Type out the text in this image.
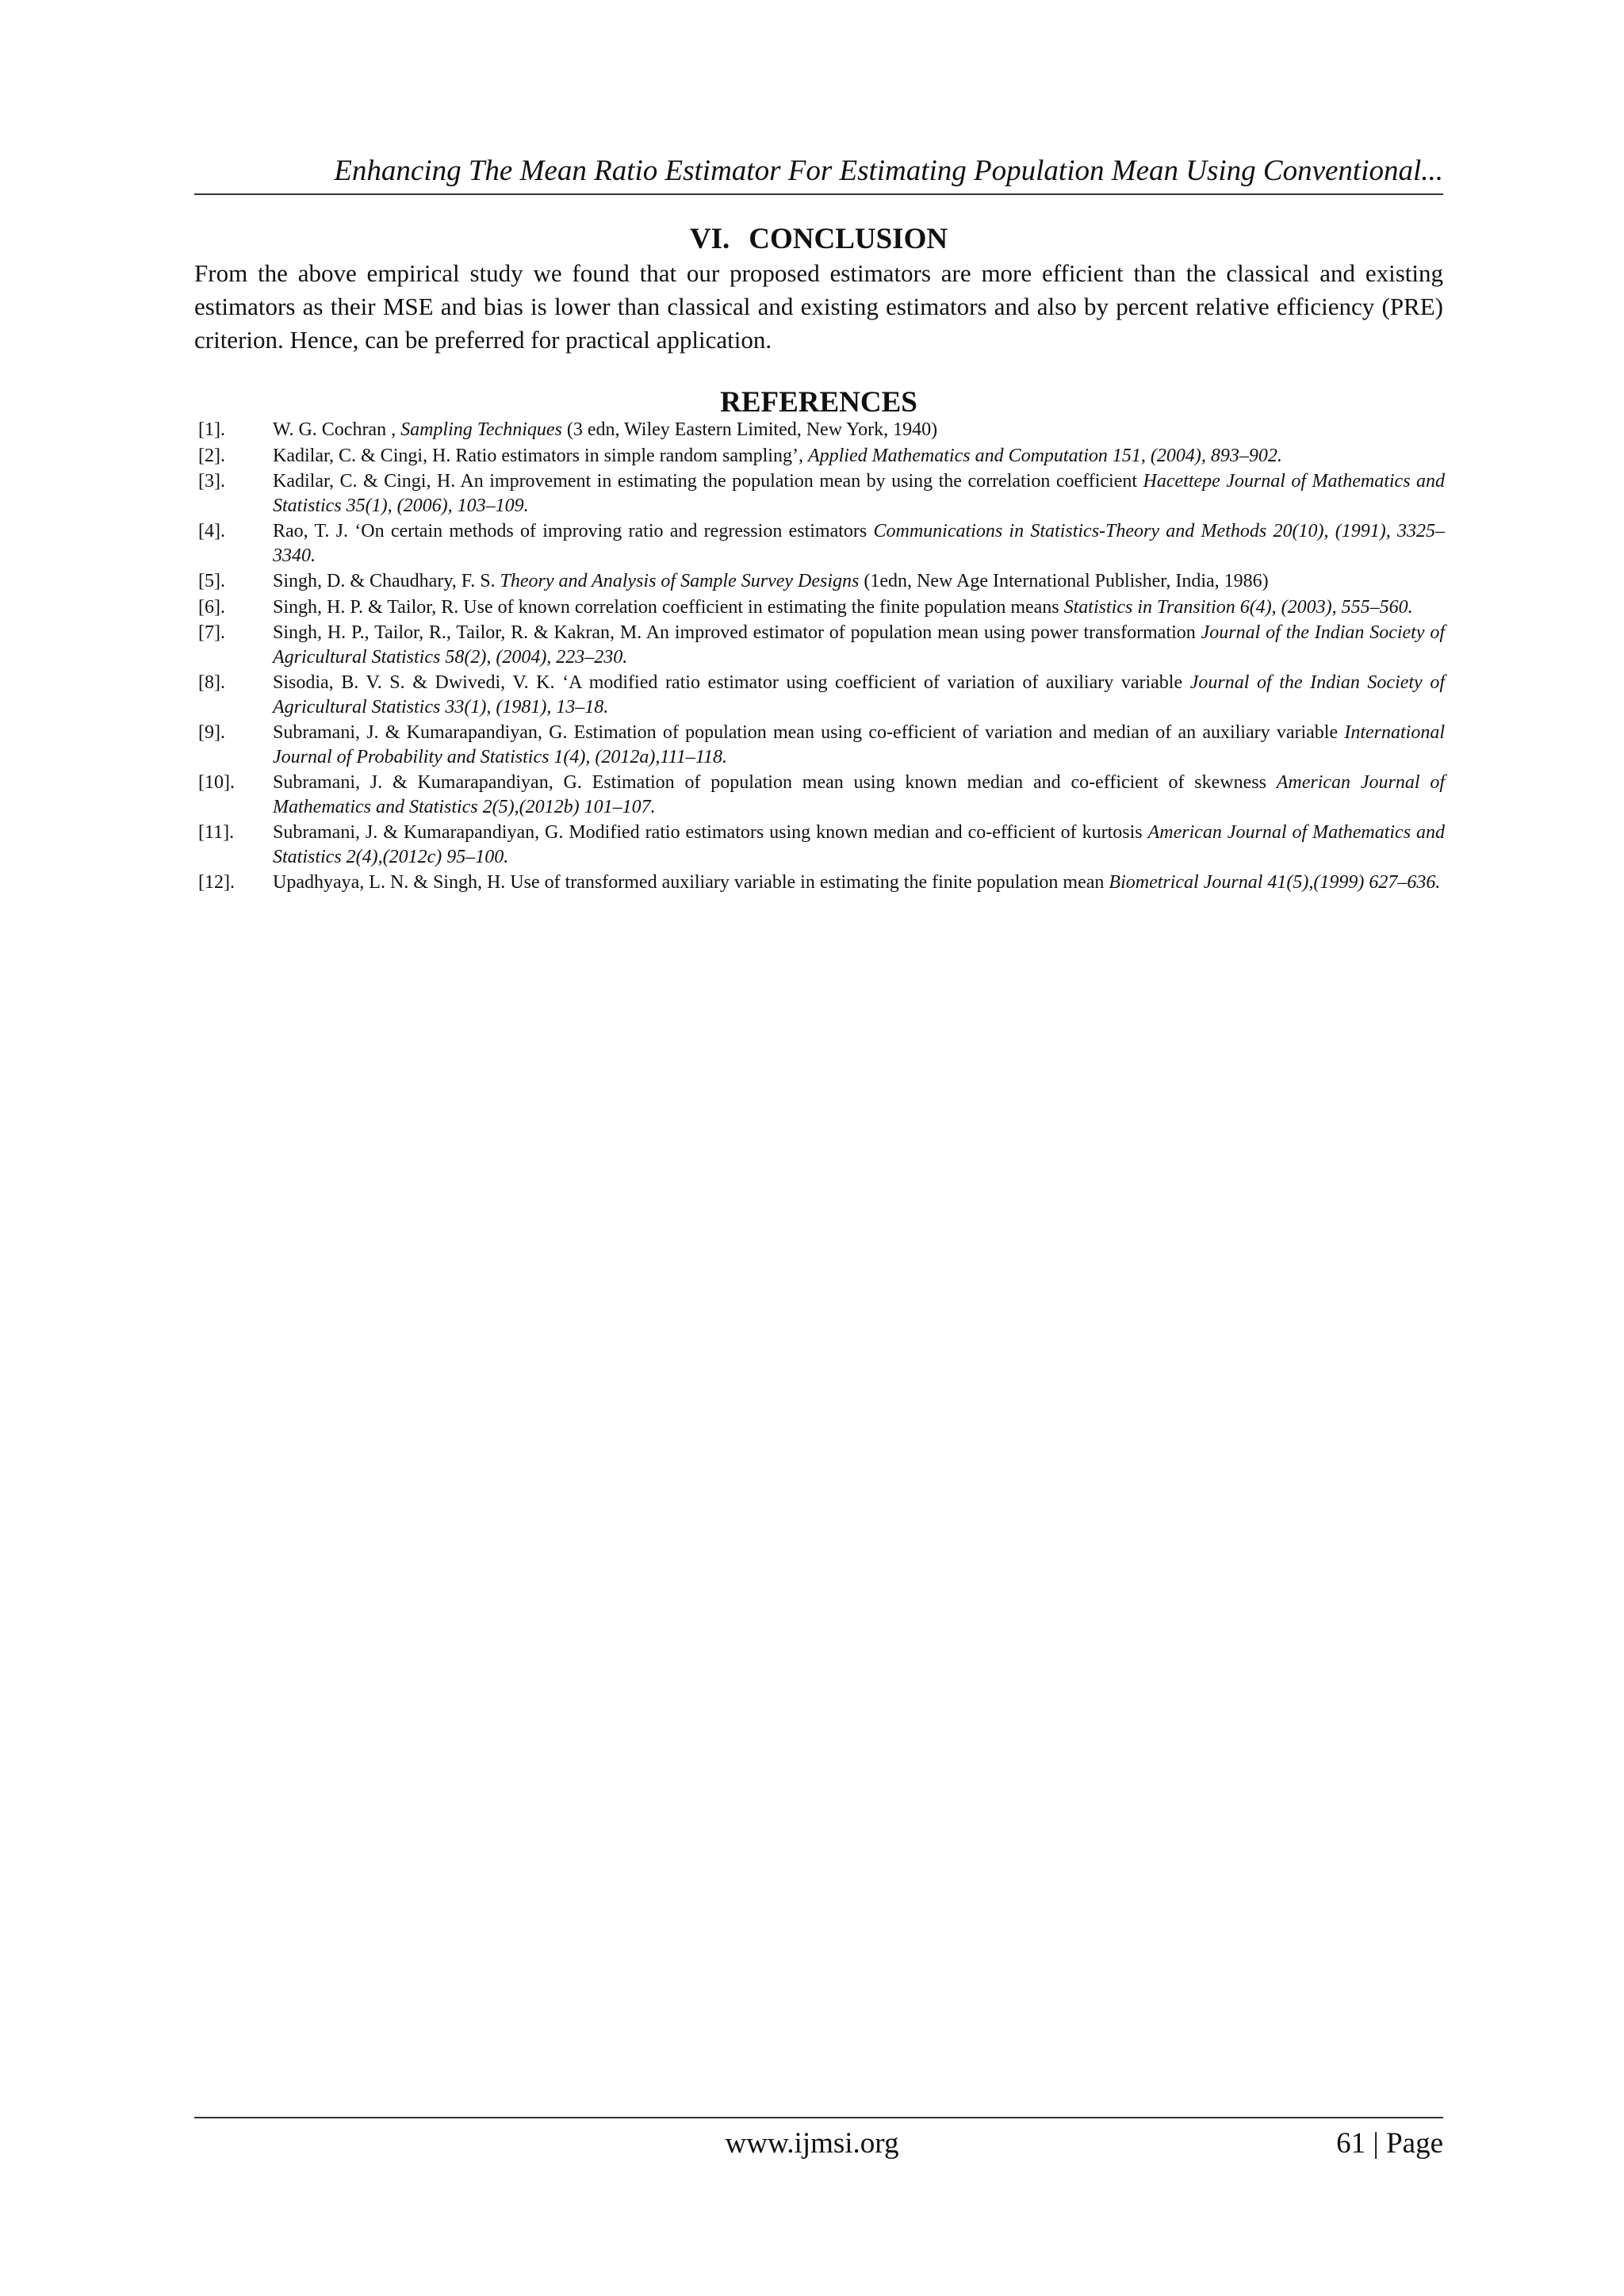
Enhancing The Mean Ratio Estimator For Estimating Population Mean Using Conventional...
VI. CONCLUSION

From the above empirical study we found that our proposed estimators are more efficient than the classical and existing estimators as their MSE and bias is lower than classical and existing estimators and also by percent relative efficiency (PRE) criterion. Hence, can be preferred for practical application.

REFERENCES
[1].	W. G. Cochran , Sampling Techniques (3 edn, Wiley Eastern Limited, New York, 1940)
[2].	Kadilar, C. & Cingi, H. Ratio estimators in simple random sampling’, Applied Mathematics and Computation 151, (2004), 893–902.
[3].	Kadilar, C. & Cingi, H. An improvement in estimating the population mean by using the correlation coefficient Hacettepe Journal of Mathematics and Statistics 35(1), (2006), 103–109.
[4].	Rao, T. J. ‘On certain methods of improving ratio and regression estimators Communications in Statistics-Theory and Methods 20(10), (1991), 3325–3340.
[5].	Singh, D. & Chaudhary, F. S. Theory and Analysis of Sample Survey Designs (1edn, New Age International Publisher, India, 1986)
[6].	Singh, H. P. & Tailor, R. Use of known correlation coefficient in estimating the finite population means Statistics in Transition 6(4), (2003), 555–560.
[7].	Singh, H. P., Tailor, R., Tailor, R. & Kakran, M. An improved estimator of population mean using power transformation Journal of the Indian Society of Agricultural Statistics 58(2), (2004), 223–230.
[8].	Sisodia, B. V. S. & Dwivedi, V. K. ‘A modified ratio estimator using coefficient of variation of auxiliary variable Journal of the Indian Society of Agricultural Statistics 33(1), (1981), 13–18.
[9].	Subramani, J. & Kumarapandiyan, G. Estimation of population mean using co-efficient of variation and median of an auxiliary variable International Journal of Probability and Statistics 1(4), (2012a),111–118.
[10].	Subramani, J. & Kumarapandiyan, G. Estimation of population mean using known median and co-efficient of skewness American Journal of Mathematics and Statistics 2(5),(2012b) 101–107.
[11].	Subramani, J. & Kumarapandiyan, G. Modified ratio estimators using known median and co-efficient of kurtosis American Journal of Mathematics and Statistics 2(4),(2012c) 95–100.
[12].	Upadhyaya, L. N. & Singh, H. Use of transformed auxiliary variable in estimating the finite population mean Biometrical Journal 41(5),(1999) 627–636.
www.ijmsi.org	61 | Page
